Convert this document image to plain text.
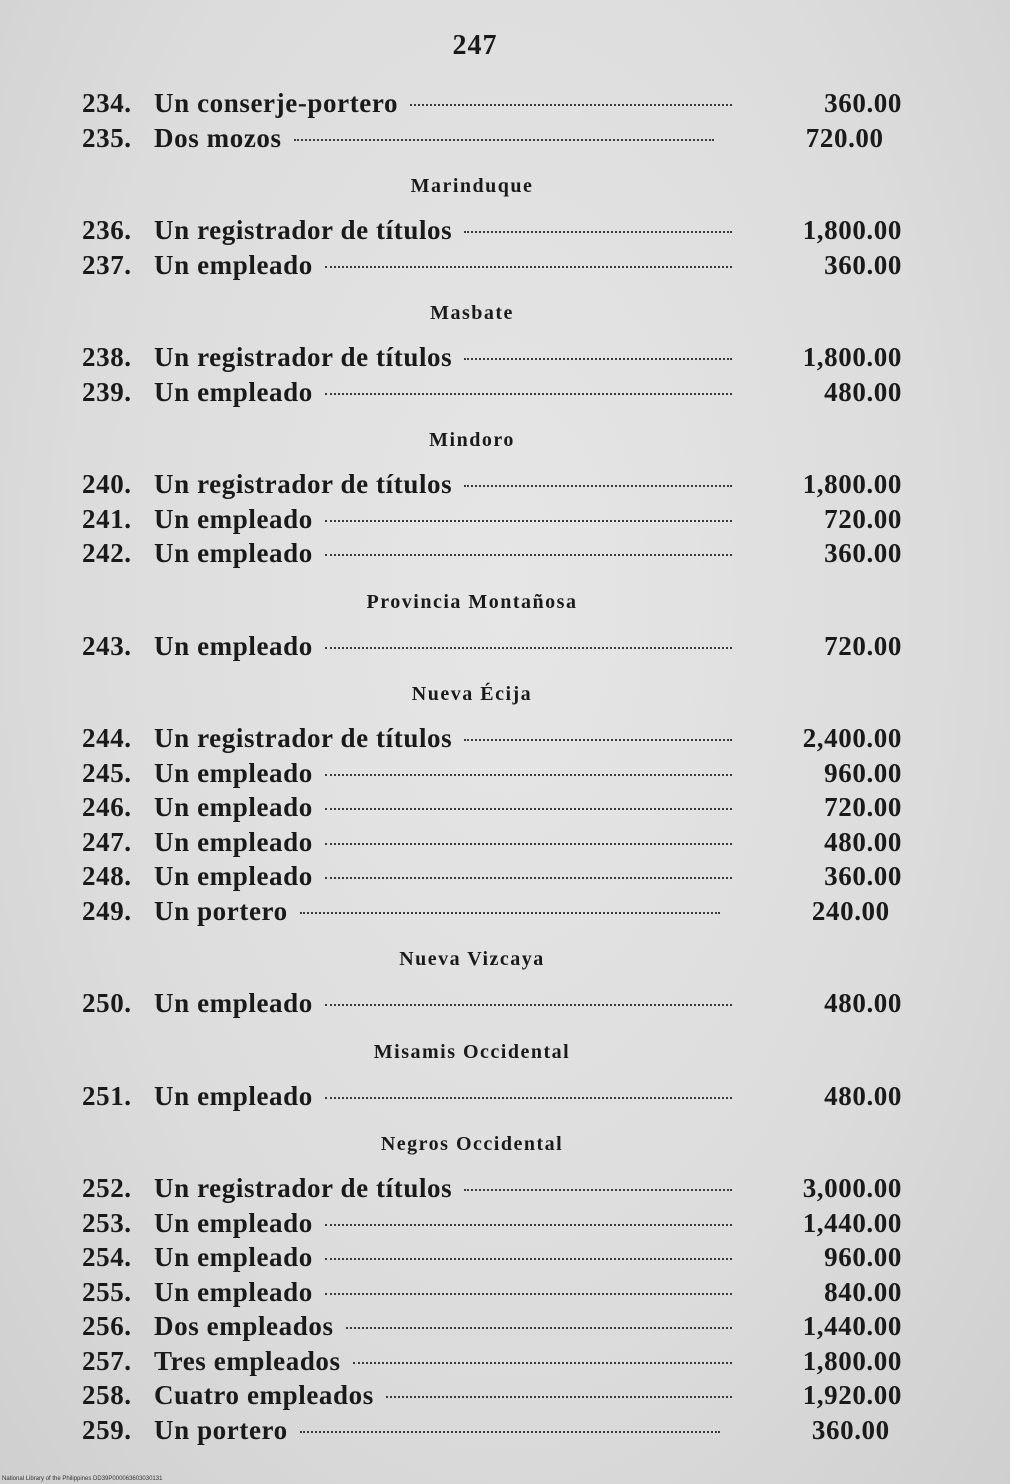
247
234. Un conserje-portero	360.00
235. Dos mozos	720.00
Marinduque
236. Un registrador de títulos	1,800.00
237. Un empleado	360.00
Masbate
238. Un registrador de títulos	1,800.00
239. Un empleado	480.00
Mindoro
240. Un registrador de títulos	1,800.00
241. Un empleado	720.00
242. Un empleado	360.00
Provincia Montañosa
243. Un empleado	720.00
Nueva Écija
244. Un registrador de títulos	2,400.00
245. Un empleado	960.00
246. Un empleado	720.00
247. Un empleado	480.00
248. Un empleado	360.00
249. Un portero	240.00
Nueva Vizcaya
250. Un empleado	480.00
Misamis Occidental
251. Un empleado	480.00
Negros Occidental
252. Un registrador de títulos	3,000.00
253. Un empleado	1,440.00
254. Un empleado	960.00
255. Un empleado	840.00
256. Dos empleados	1,440.00
257. Tres empleados	1,800.00
258. Cuatro empleados	1,920.00
259. Un portero	360.00
National Library of the Philippines DD39P000063603030131
